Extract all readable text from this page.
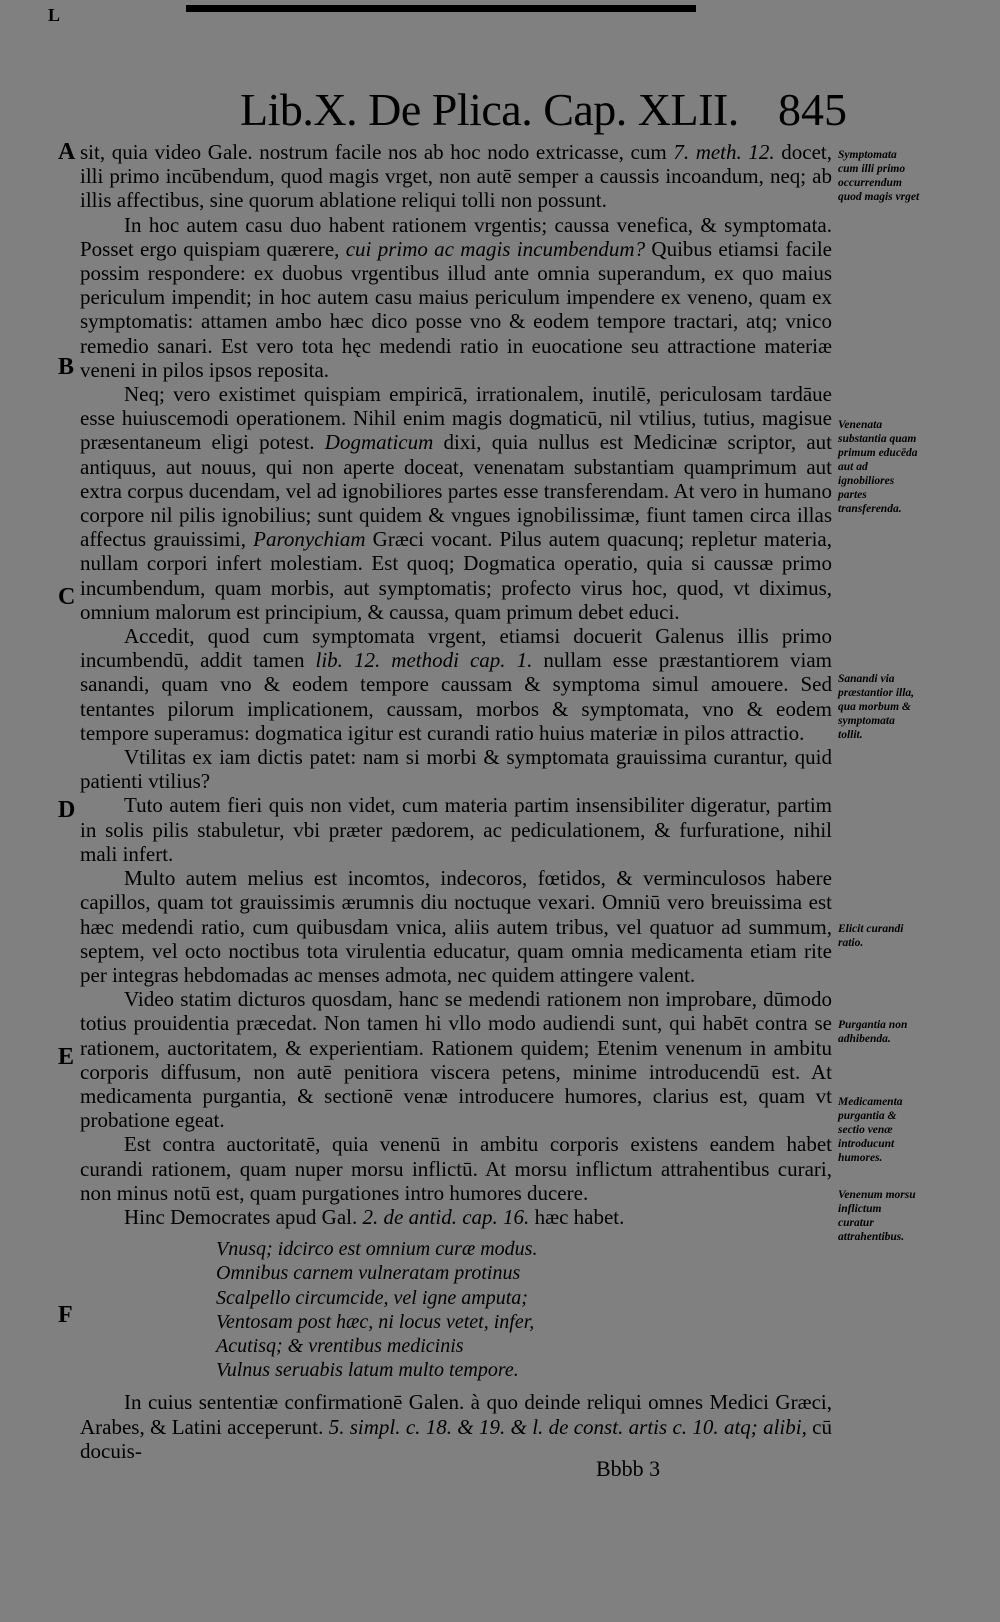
L
Lib.X. De Plica. Cap. XLII. 845
A
B
C
D
E
F

sit, quia video Gale. nostrum facile nos ab hoc nodo extricasse, cum 7. meth. 12. docet, illi primo incūbendum, quod magis vrget, non autē semper a caussis incoandum, neq; ab illis affectibus, sine quorum ablatione reliqui tolli non possunt.

In hoc autem casu duo habent rationem vrgentis; caussa venefica, & symptomata. Posset ergo quispiam quærere, cui primo ac magis incumbendum? Quibus etiamsi facile possim respondere: ex duobus vrgentibus illud ante omnia superandum, ex quo maius periculum impendit; in hoc autem casu maius periculum impendere ex veneno, quam ex symptomatis: attamen ambo hæc dico posse vno & eodem tempore tractari, atq; vnico remedio sanari. Est vero tota hęc medendi ratio in euocatione seu attractione materiæ veneni in pilos ipsos reposita.

Neq; vero existimet quispiam empiricā, irrationalem, inutilē, periculosam tardāue esse huiuscemodi operationem. Nihil enim magis dogmaticū, nil vtilius, tutius, magisue præsentaneum eligi potest. Dogmaticum dixi, quia nullus est Medicinæ scriptor, aut antiquus, aut nouus, qui non aperte doceat, venenatam substantiam quamprimum aut extra corpus ducendam, vel ad ignobiliores partes esse transferendam. At vero in humano corpore nil pilis ignobilius; sunt quidem & vngues ignobilissimæ, fiunt tamen circa illas affectus grauissimi, Paronychiam Græci vocant. Pilus autem quacunq; repletur materia, nullam corpori infert molestiam. Est quoq; Dogmatica operatio, quia si caussæ primo incumbendum, quam morbis, aut symptomatis; profecto virus hoc, quod, vt diximus, omnium malorum est principium, & caussa, quam primum debet educi.

Accedit, quod cum symptomata vrgent, etiamsi docuerit Galenus illis primo incumbendū, addit tamen lib. 12. methodi cap. 1. nullam esse præstantiorem viam sanandi, quam vno & eodem tempore caussam & symptoma simul amouere. Sed tentantes pilorum implicationem, caussam, morbos & symptomata, vno & eodem tempore superamus: dogmatica igitur est curandi ratio huius materiæ in pilos attractio.

Vtilitas ex iam dictis patet: nam si morbi & symptomata grauissima curantur, quid patienti vtilius?

Tuto autem fieri quis non videt, cum materia partim insensibiliter digeratur, partim in solis pilis stabuletur, vbi præter pædorem, ac pediculationem, & furfuratione, nihil mali infert.

Multo autem melius est incomtos, indecoros, fœtidos, & verminculosos habere capillos, quam tot grauissimis ærumnis diu noctuque vexari. Omniū vero breuissima est hæc medendi ratio, cum quibusdam vnica, aliis autem tribus, vel quatuor ad summum, septem, vel octo noctibus tota virulentia educatur, quam omnia medicamenta etiam rite per integras hebdomadas ac menses admota, nec quidem attingere valent.

Video statim dicturos quosdam, hanc se medendi rationem non improbare, dūmodo totius prouidentia præcedat. Non tamen hi vllo modo audiendi sunt, qui habēt contra se rationem, auctoritatem, & experientiam. Rationem quidem; Etenim venenum in ambitu corporis diffusum, non autē penitiora viscera petens, minime introducendū est. At medicamenta purgantia, & sectionē venæ introducere humores, clarius est, quam vt probatione egeat.

Est contra auctoritatē, quia venenū in ambitu corporis existens eandem habet curandi rationem, quam nuper morsu inflictū. At morsu inflictum attrahentibus curari, non minus notū est, quam purgationes intro humores ducere.

Hinc Democrates apud Gal. 2. de antid. cap. 16. hæc habet.

Vnusq; idcirco est omnium curæ modus.
Omnibus carnem vulneratam protinus
Scalpello circumcide, vel igne amputa;
Ventosam post hæc, ni locus vetet, infer,
Acutisq; & vrentibus medicinis
Vulnus seruabis latum multo tempore.

In cuius sententiæ confirmationē Galen. à quo deinde reliqui omnes Medici Græci, Arabes, & Latini acceperunt. 5. simpl. c. 18. & 19. & l. de const. artis c. 10. atq; alibi, cū docuis-

Bbbb 3
Symptomata cum illi primo occurrendum quod magis vrget
Venenata substantia quam primum educēda aut ad ignobiliores partes transferenda.
Sanandi via præstantior illa, qua morbum & symptomata tollit.
Elicit curandi ratio.
Purgantia non adhibenda.
Medicamenta purgantia & sectio venæ introducunt humores.
Venenum morsu inflictum curatur attrahentibus.
